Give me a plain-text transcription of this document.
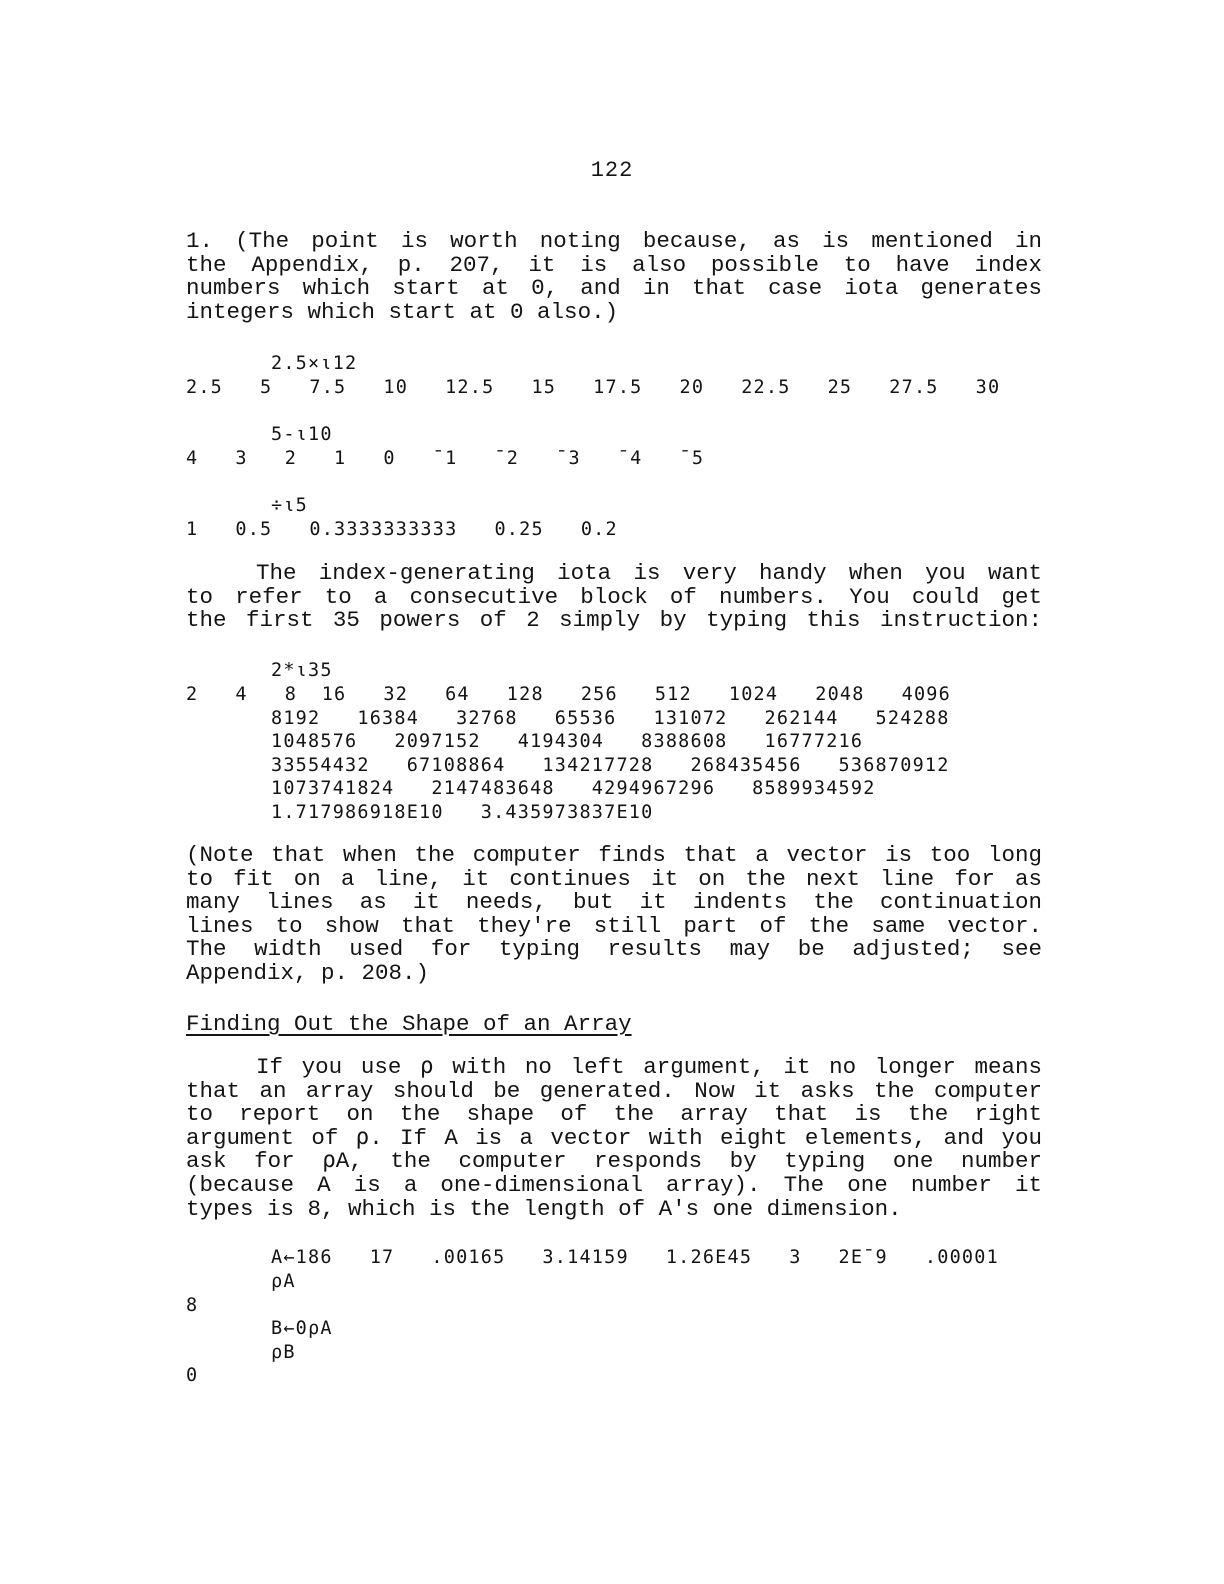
122
1. (The point is worth noting because, as is mentioned in
the Appendix, p. 207, it is also possible to have index
numbers which start at 0, and in that case iota generates
integers which start at 0 also.)
2.5×⍳12
2.5   5   7.5   10   12.5   15   17.5   20   22.5   25   27.5   30
5-⍳10
4   3   2   1   0   ¯1   ¯2   ¯3   ¯4   ¯5
÷⍳5
1   0.5   0.3333333333   0.25   0.2
The index-generating iota is very handy when you want
to refer to a consecutive block of numbers. You could get
the first 35 powers of 2 simply by typing this instruction:
2*⍳35
2   4   8  16   32   64   128   256   512   1024   2048   4096
8192   16384   32768   65536   131072   262144   524288
1048576   2097152   4194304   8388608   16777216
33554432   67108864   134217728   268435456   536870912
1073741824   2147483648   4294967296   8589934592
1.717986918E10   3.435973837E10
(Note that when the computer finds that a vector is too long
to fit on a line, it continues it on the next line for as
many lines as it needs, but it indents the continuation
lines to show that they're still part of the same vector.
The width used for typing results may be adjusted; see
Appendix, p. 208.)
Finding Out the Shape of an Array
If you use ⍴ with no left argument, it no longer means
that an array should be generated. Now it asks the computer
to report on the shape of the array that is the right
argument of ⍴. If A is a vector with eight elements, and you
ask for ⍴A, the computer responds by typing one number
(because A is a one-dimensional array). The one number it
types is 8, which is the length of A's one dimension.
A←186   17   .00165   3.14159   1.26E45   3   2E¯9   .00001
⍴A
8
B←0⍴A
⍴B
0
